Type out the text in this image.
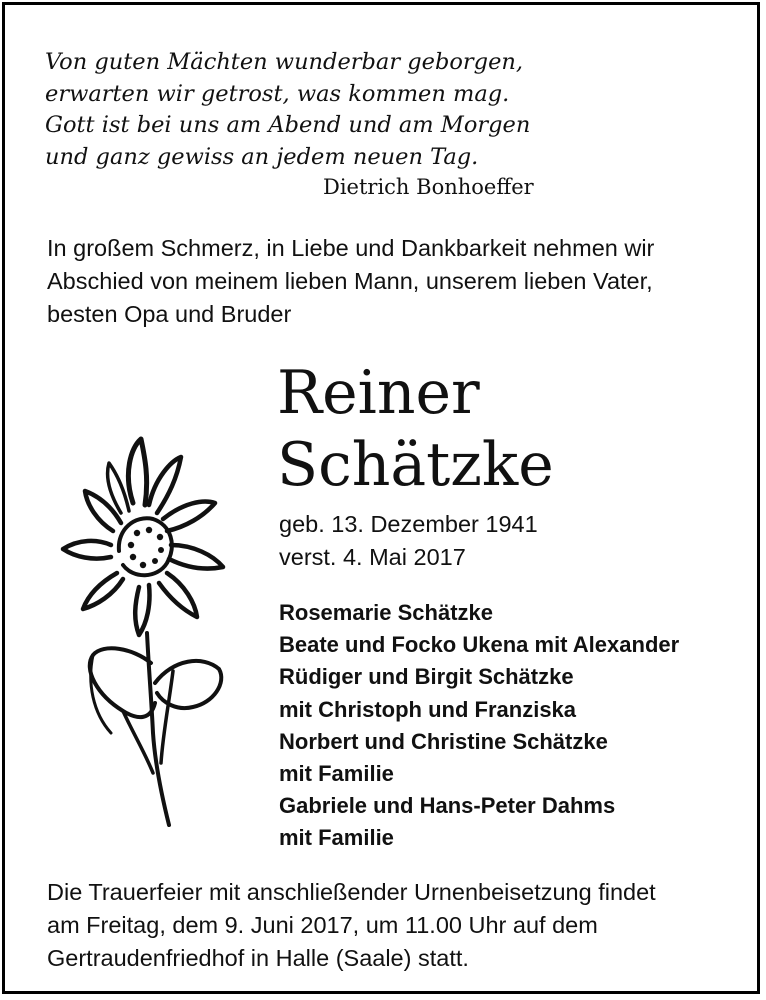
Von guten Mächten wunderbar geborgen,
erwarten wir getrost, was kommen mag.
Gott ist bei uns am Abend und am Morgen
und ganz gewiss an jedem neuen Tag.
Dietrich Bonhoeffer
In großem Schmerz, in Liebe und Dankbarkeit nehmen wir
Abschied von meinem lieben Mann, unserem lieben Vater,
besten Opa und Bruder
Reiner
Schätzke
geb. 13. Dezember 1941
verst. 4. Mai 2017
Rosemarie Schätzke
Beate und Focko Ukena mit Alexander
Rüdiger und Birgit Schätzke
mit Christoph und Franziska
Norbert und Christine Schätzke
mit Familie
Gabriele und Hans-Peter Dahms
mit Familie
Die Trauerfeier mit anschließender Urnenbeisetzung findet
am Freitag, dem 9. Juni 2017, um 11.00 Uhr auf dem
Gertraudenfriedhof in Halle (Saale) statt.
